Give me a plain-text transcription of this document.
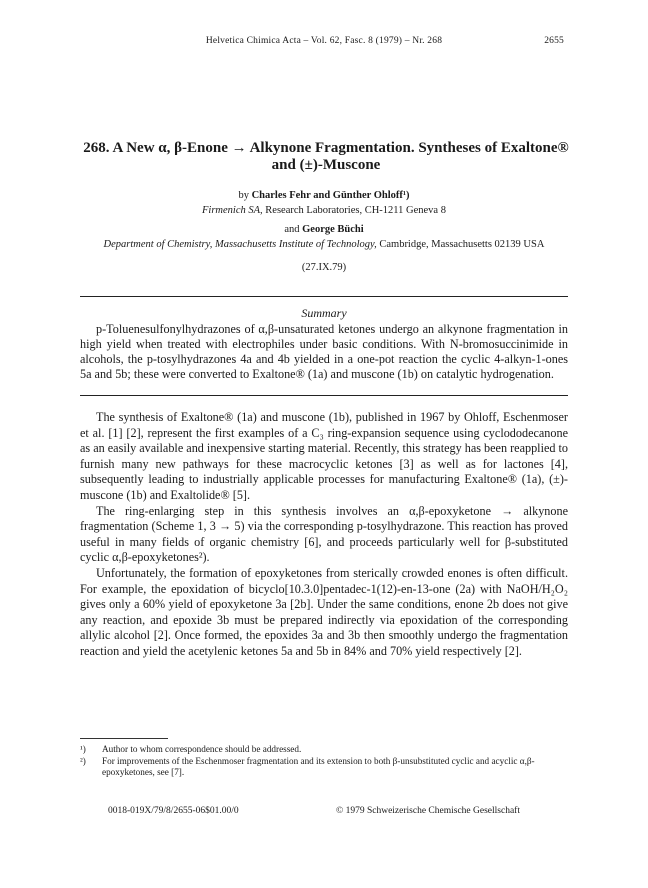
Helvetica Chimica Acta – Vol. 62, Fasc. 8 (1979) – Nr. 268	2655
268. A New α, β-Enone → Alkynone Fragmentation. Syntheses of Exaltone®
and (±)-Muscone
by Charles Fehr and Günther Ohloff¹)
Firmenich SA, Research Laboratories, CH-1211 Geneva 8
and George Büchi
Department of Chemistry, Massachusetts Institute of Technology, Cambridge, Massachusetts 02139 USA
(27.IX.79)
Summary
p-Toluenesulfonylhydrazones of α,β-unsaturated ketones undergo an alkynone fragmentation in high yield when treated with electrophiles under basic conditions. With N-bromosuccinimide in alcohols, the p-tosylhydrazones 4a and 4b yielded in a one-pot reaction the cyclic 4-alkyn-1-ones 5a and 5b; these were converted to Exaltone® (1a) and muscone (1b) on catalytic hydrogenation.

The synthesis of Exaltone® (1a) and muscone (1b), published in 1967 by Ohloff, Eschenmoser et al. [1] [2], represent the first examples of a C₃ ring-expansion sequence using cyclododecanone as an easily available and inexpensive starting material. Recently, this strategy has been reapplied to furnish many new pathways for these macrocyclic ketones [3] as well as for lactones [4], subsequently leading to industrially applicable processes for manufacturing Exaltone® (1a), (±)-muscone (1b) and Exaltolide® [5].

The ring-enlarging step in this synthesis involves an α,β-epoxyketone → alkynone fragmentation (Scheme 1, 3 → 5) via the corresponding p-tosylhydrazone. This reaction has proved useful in many fields of organic chemistry [6], and proceeds particularly well for β-substituted cyclic α,β-epoxyketones²).

Unfortunately, the formation of epoxyketones from sterically crowded enones is often difficult. For example, the epoxidation of bicyclo[10.3.0]pentadec-1(12)-en-13-one (2a) with NaOH/H₂O₂ gives only a 60% yield of epoxyketone 3a [2b]. Under the same conditions, enone 2b does not give any reaction, and epoxide 3b must be prepared indirectly via epoxidation of the corresponding allylic alcohol [2]. Once formed, the epoxides 3a and 3b then smoothly undergo the fragmentation reaction and yield the acetylenic ketones 5a and 5b in 84% and 70% yield respectively [2].

¹) Author to whom correspondence should be addressed.
²) For improvements of the Eschenmoser fragmentation and its extension to both β-unsubstituted cyclic and acyclic α,β-epoxyketones, see [7].
0018-019X/79/8/2655-06$01.00/0	© 1979 Schweizerische Chemische Gesellschaft
